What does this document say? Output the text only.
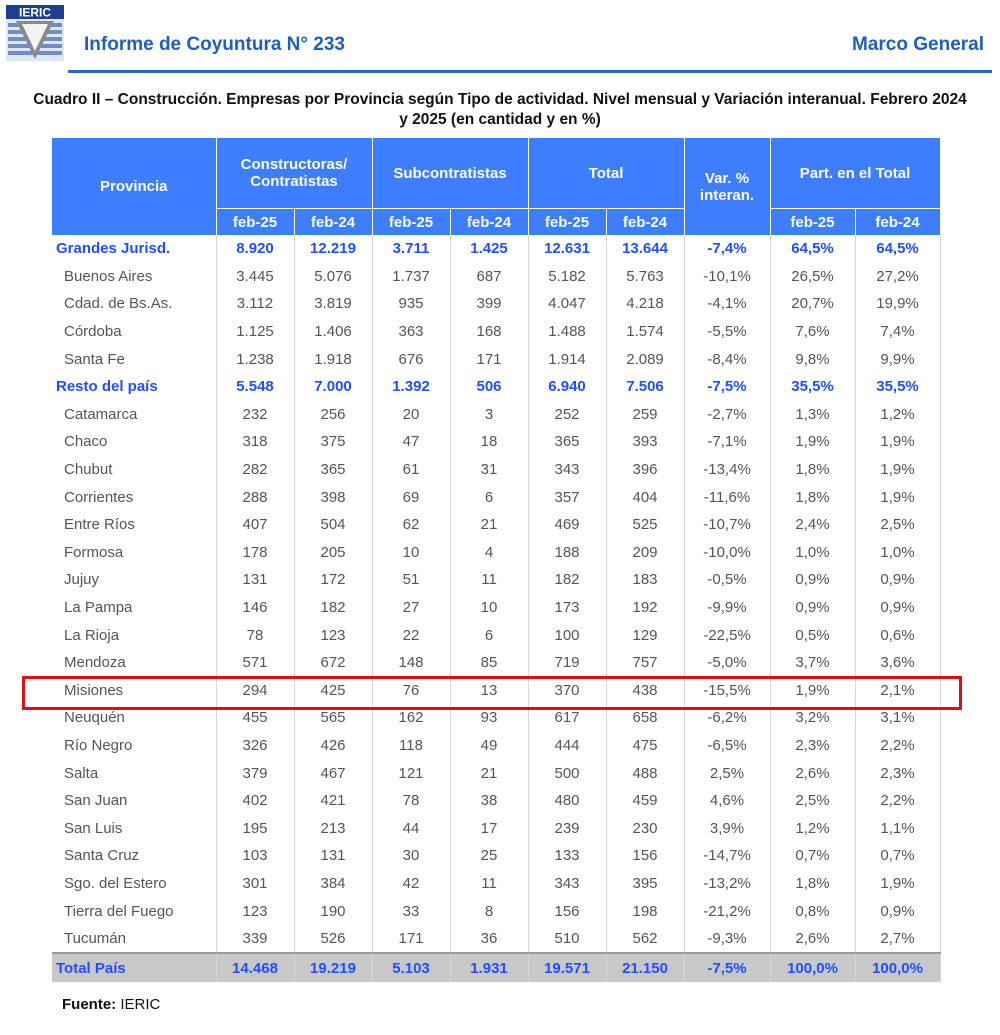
IERIC
Informe de Coyuntura N° 233	Marco General
Cuadro II – Construcción. Empresas por Provincia según Tipo de actividad. Nivel mensual y Variación interanual. Febrero 2024 y 2025 (en cantidad y en %)
Provincia	Constructoras/ Contratistas		Subcontratistas		Total		Var. % interan.	Part. en el Total	
	feb-25	feb-24	feb-25	feb-24	feb-25	feb-24		feb-25	feb-24
Grandes Jurisd.	8.920	12.219	3.711	1.425	12.631	13.644	-7,4%	64,5%	64,5%
Buenos Aires	3.445	5.076	1.737	687	5.182	5.763	-10,1%	26,5%	27,2%
Cdad. de Bs.As.	3.112	3.819	935	399	4.047	4.218	-4,1%	20,7%	19,9%
Córdoba	1.125	1.406	363	168	1.488	1.574	-5,5%	7,6%	7,4%
Santa Fe	1.238	1.918	676	171	1.914	2.089	-8,4%	9,8%	9,9%
Resto del país	5.548	7.000	1.392	506	6.940	7.506	-7,5%	35,5%	35,5%
Catamarca	232	256	20	3	252	259	-2,7%	1,3%	1,2%
Chaco	318	375	47	18	365	393	-7,1%	1,9%	1,9%
Chubut	282	365	61	31	343	396	-13,4%	1,8%	1,9%
Corrientes	288	398	69	6	357	404	-11,6%	1,8%	1,9%
Entre Ríos	407	504	62	21	469	525	-10,7%	2,4%	2,5%
Formosa	178	205	10	4	188	209	-10,0%	1,0%	1,0%
Jujuy	131	172	51	11	182	183	-0,5%	0,9%	0,9%
La Pampa	146	182	27	10	173	192	-9,9%	0,9%	0,9%
La Rioja	78	123	22	6	100	129	-22,5%	0,5%	0,6%
Mendoza	571	672	148	85	719	757	-5,0%	3,7%	3,6%
Misiones	294	425	76	13	370	438	-15,5%	1,9%	2,1%
Neuquén	455	565	162	93	617	658	-6,2%	3,2%	3,1%
Río Negro	326	426	118	49	444	475	-6,5%	2,3%	2,2%
Salta	379	467	121	21	500	488	2,5%	2,6%	2,3%
San Juan	402	421	78	38	480	459	4,6%	2,5%	2,2%
San Luis	195	213	44	17	239	230	3,9%	1,2%	1,1%
Santa Cruz	103	131	30	25	133	156	-14,7%	0,7%	0,7%
Sgo. del Estero	301	384	42	11	343	395	-13,2%	1,8%	1,9%
Tierra del Fuego	123	190	33	8	156	198	-21,2%	0,8%	0,9%
Tucumán	339	526	171	36	510	562	-9,3%	2,6%	2,7%
Total País	14.468	19.219	5.103	1.931	19.571	21.150	-7,5%	100,0%	100,0%
Fuente: IERIC
